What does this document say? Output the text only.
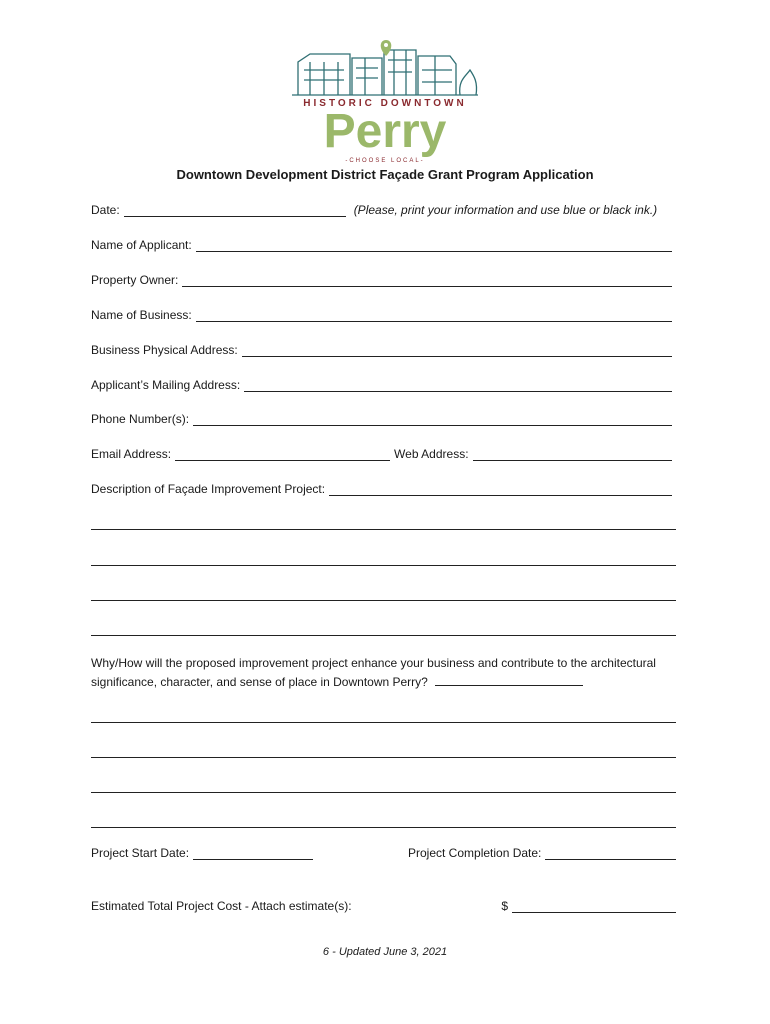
HISTORIC DOWNTOWN
Perry
-CHOOSE LOCAL-
Downtown Development District Façade Grant Program Application
Date:	(Please, print your information and use blue or black ink.)
Name of Applicant:
Property Owner:
Name of Business:
Business Physical Address:
Applicant’s Mailing Address:
Phone Number(s):
Email Address:	Web Address:
Description of Façade Improvement Project:
Why/How will the proposed improvement project enhance your business and contribute to the architectural significance, character, and sense of place in Downtown Perry?
Project Start Date:	Project Completion Date:
Estimated Total Project Cost - Attach estimate(s):	$
6 - Updated June 3, 2021
